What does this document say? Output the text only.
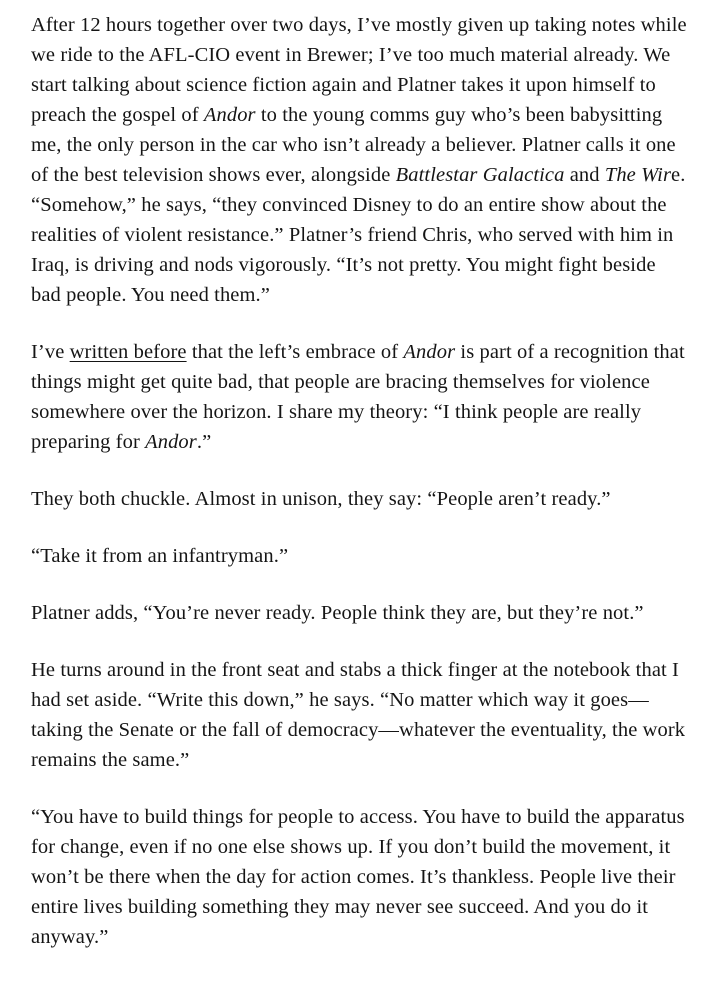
After 12 hours together over two days, I’ve mostly given up taking notes while we ride to the AFL-CIO event in Brewer; I’ve too much material already. We start talking about science fiction again and Platner takes it upon himself to preach the gospel of Andor to the young comms guy who’s been babysitting me, the only person in the car who isn’t already a believer. Platner calls it one of the best television shows ever, alongside Battlestar Galactica and The Wire. “Somehow,” he says, “they convinced Disney to do an entire show about the realities of violent resistance.” Platner’s friend Chris, who served with him in Iraq, is driving and nods vigorously. “It’s not pretty. You might fight beside bad people. You need them.”

I’ve written before that the left’s embrace of Andor is part of a recognition that things might get quite bad, that people are bracing themselves for violence somewhere over the horizon. I share my theory: “I think people are really preparing for Andor.”

They both chuckle. Almost in unison, they say: “People aren’t ready.”

“Take it from an infantryman.”

Platner adds, “You’re never ready. People think they are, but they’re not.”

He turns around in the front seat and stabs a thick finger at the notebook that I had set aside. “Write this down,” he says. “No matter which way it goes—taking the Senate or the fall of democracy—whatever the eventuality, the work remains the same.”

“You have to build things for people to access. You have to build the apparatus for change, even if no one else shows up. If you don’t build the movement, it won’t be there when the day for action comes. It’s thankless. People live their entire lives building something they may never see succeed. And you do it anyway.”
